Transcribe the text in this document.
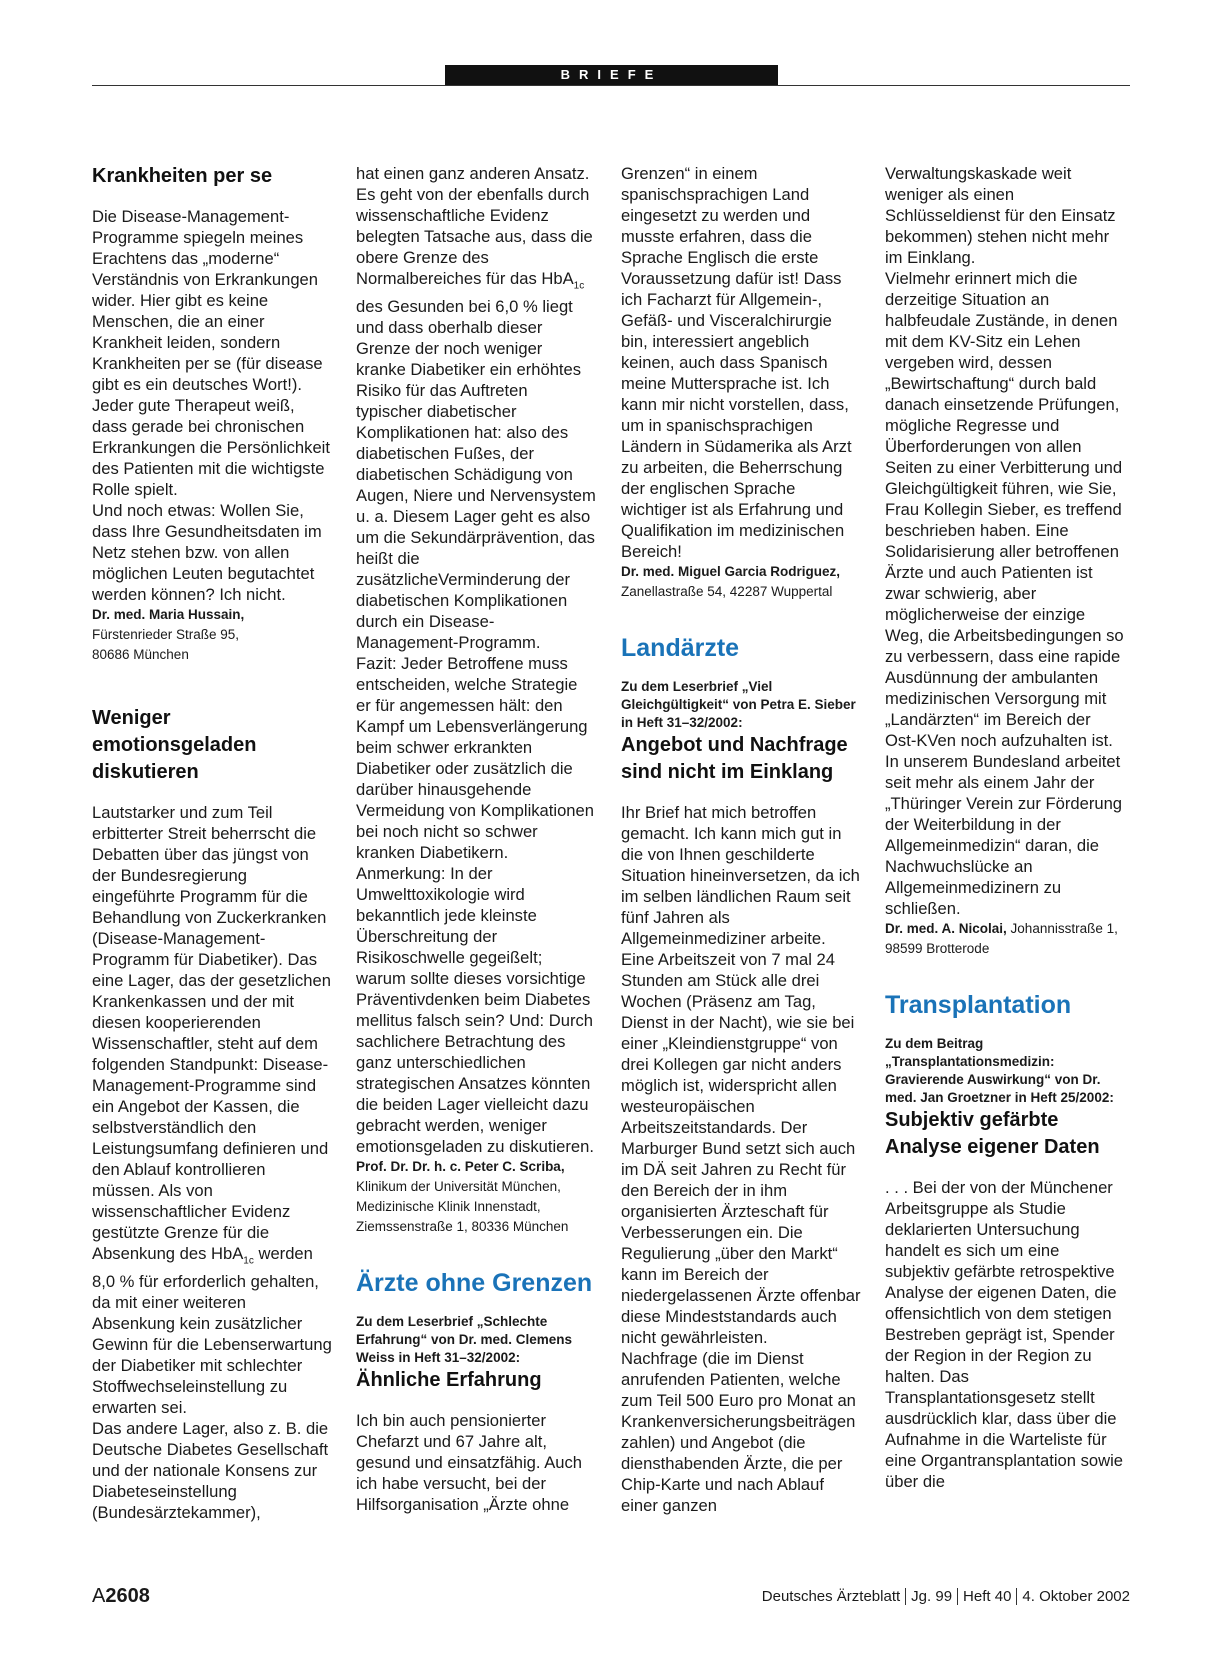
BRIEFE
Krankheiten per se

Die Disease-Management-Programme spiegeln meines Erachtens das „moderne“ Verständnis von Erkrankungen wider. Hier gibt es keine Menschen, die an einer Krankheit leiden, sondern Krankheiten per se (für disease gibt es ein deutsches Wort!).

Jeder gute Therapeut weiß, dass gerade bei chronischen Erkrankungen die Persönlichkeit des Patienten mit die wichtigste Rolle spielt.

Und noch etwas: Wollen Sie, dass Ihre Gesundheitsdaten im Netz stehen bzw. von allen möglichen Leuten begutachtet werden können? Ich nicht.

Dr. med. Maria Hussain,

Fürstenrieder Straße 95,

80686 München

Weniger emotionsgeladen diskutieren

Lautstarker und zum Teil erbitterter Streit beherrscht die Debatten über das jüngst von der Bundesregierung eingeführte Programm für die Behandlung von Zuckerkranken (Disease-Management-Programm für Diabetiker). Das eine Lager, das der gesetzlichen Krankenkassen und der mit diesen kooperierenden Wissenschaftler, steht auf dem folgenden Standpunkt: Disease-Management-Programme sind ein Angebot der Kassen, die selbstverständlich den Leistungsumfang definieren und den Ablauf kontrollieren müssen. Als von wissenschaftlicher Evidenz gestützte Grenze für die Absenkung des HbA$_{1c}$ werden 8,0 % für erforderlich gehalten, da mit einer weiteren Absenkung kein zusätzlicher Gewinn für die Lebenserwartung der Diabetiker mit schlechter Stoffwechseleinstellung zu erwarten sei.

Das andere Lager, also z. B. die Deutsche Diabetes Gesellschaft und der nationale Konsens zur Diabeteseinstellung (Bundesärztekammer),

hat einen ganz anderen Ansatz. Es geht von der ebenfalls durch wissenschaftliche Evidenz belegten Tatsache aus, dass die obere Grenze des Normalbereiches für das HbA$_{1c}$ des Gesunden bei 6,0 % liegt und dass oberhalb dieser Grenze der noch weniger kranke Diabetiker ein erhöhtes Risiko für das Auftreten typischer diabetischer Komplikationen hat: also des diabetischen Fußes, der diabetischen Schädigung von Augen, Niere und Nervensystem u. a. Diesem Lager geht es also um die Sekundärprävention, das heißt die zusätzlicheVerminderung der diabetischen Komplikationen durch ein Disease-Management-Programm.

Fazit: Jeder Betroffene muss entscheiden, welche Strategie er für angemessen hält: den Kampf um Lebensverlängerung beim schwer erkrankten Diabetiker oder zusätzlich die darüber hinausgehende Vermeidung von Komplikationen bei noch nicht so schwer kranken Diabetikern.

Anmerkung: In der Umwelttoxikologie wird bekanntlich jede kleinste Überschreitung der Risikoschwelle gegeißelt; warum sollte dieses vorsichtige Präventivdenken beim Diabetes mellitus falsch sein? Und: Durch sachlichere Betrachtung des ganz unterschiedlichen strategischen Ansatzes könnten die beiden Lager vielleicht dazu gebracht werden, weniger emotionsgeladen zu diskutieren.

Prof. Dr. Dr. h. c. Peter C. Scriba,

Klinikum der Universität München,

Medizinische Klinik Innenstadt,

Ziemssenstraße 1, 80336 München

Ärzte ohne Grenzen

Zu dem Leserbrief „Schlechte Erfahrung“ von Dr. med. Clemens Weiss in Heft 31–32/2002:

Ähnliche Erfahrung

Ich bin auch pensionierter Chefarzt und 67 Jahre alt, gesund und einsatzfähig. Auch ich habe versucht, bei der Hilfsorganisation „Ärzte ohne

Grenzen“ in einem spanischsprachigen Land eingesetzt zu werden und musste erfahren, dass die Sprache Englisch die erste Voraussetzung dafür ist! Dass ich Facharzt für Allgemein-, Gefäß- und Visceralchirurgie bin, interessiert angeblich keinen, auch dass Spanisch meine Muttersprache ist. Ich kann mir nicht vorstellen, dass, um in spanischsprachigen Ländern in Südamerika als Arzt zu arbeiten, die Beherrschung der englischen Sprache wichtiger ist als Erfahrung und Qualifikation im medizinischen Bereich!

Dr. med. Miguel Garcia Rodriguez,

Zanellastraße 54, 42287 Wuppertal

Landärzte

Zu dem Leserbrief „Viel Gleichgültigkeit“ von Petra E. Sieber in Heft 31–32/2002:

Angebot und Nachfrage sind nicht im Einklang

Ihr Brief hat mich betroffen gemacht. Ich kann mich gut in die von Ihnen geschilderte Situation hineinversetzen, da ich im selben ländlichen Raum seit fünf Jahren als Allgemeinmediziner arbeite. Eine Arbeitszeit von 7 mal 24 Stunden am Stück alle drei Wochen (Präsenz am Tag, Dienst in der Nacht), wie sie bei einer „Kleindienstgruppe“ von drei Kollegen gar nicht anders möglich ist, widerspricht allen westeuropäischen Arbeitszeitstandards. Der Marburger Bund setzt sich auch im DÄ seit Jahren zu Recht für den Bereich der in ihm organisierten Ärzteschaft für Verbesserungen ein. Die Regulierung „über den Markt“ kann im Bereich der niedergelassenen Ärzte offenbar diese Mindeststandards auch nicht gewährleisten.

Nachfrage (die im Dienst anrufenden Patienten, welche zum Teil 500 Euro pro Monat an Krankenversicherungsbeiträgen zahlen) und Angebot (die diensthabenden Ärzte, die per Chip-Karte und nach Ablauf einer ganzen

Verwaltungskaskade weit weniger als einen Schlüsseldienst für den Einsatz bekommen) stehen nicht mehr im Einklang.

Vielmehr erinnert mich die derzeitige Situation an halbfeudale Zustände, in denen mit dem KV-Sitz ein Lehen vergeben wird, dessen „Bewirtschaftung“ durch bald danach einsetzende Prüfungen, mögliche Regresse und Überforderungen von allen Seiten zu einer Verbitterung und Gleichgültigkeit führen, wie Sie, Frau Kollegin Sieber, es treffend beschrieben haben. Eine Solidarisierung aller betroffenen Ärzte und auch Patienten ist zwar schwierig, aber möglicherweise der einzige Weg, die Arbeitsbedingungen so zu verbessern, dass eine rapide Ausdünnung der ambulanten medizinischen Versorgung mit „Landärzten“ im Bereich der Ost-KVen noch aufzuhalten ist. In unserem Bundesland arbeitet seit mehr als einem Jahr der „Thüringer Verein zur Förderung der Weiterbildung in der Allgemeinmedizin“ daran, die Nachwuchslücke an Allgemeinmedizinern zu schließen.

Dr. med. A. Nicolai, Johannisstraße 1,

98599 Brotterode

Transplantation

Zu dem Beitrag „Transplantationsmedizin: Gravierende Auswirkung“ von Dr. med. Jan Groetzner in Heft 25/2002:

Subjektiv gefärbte Analyse eigener Daten

. . . Bei der von der Münchener Arbeitsgruppe als Studie deklarierten Untersuchung handelt es sich um eine subjektiv gefärbte retrospektive Analyse der eigenen Daten, die offensichtlich von dem stetigen Bestreben geprägt ist, Spender der Region in der Region zu halten. Das Transplantationsgesetz stellt ausdrücklich klar, dass über die Aufnahme in die Warteliste für eine Organtransplantation sowie über die

A2608	Deutsches Ärzteblatt Jg. 99 Heft 40 4. Oktober 2002
